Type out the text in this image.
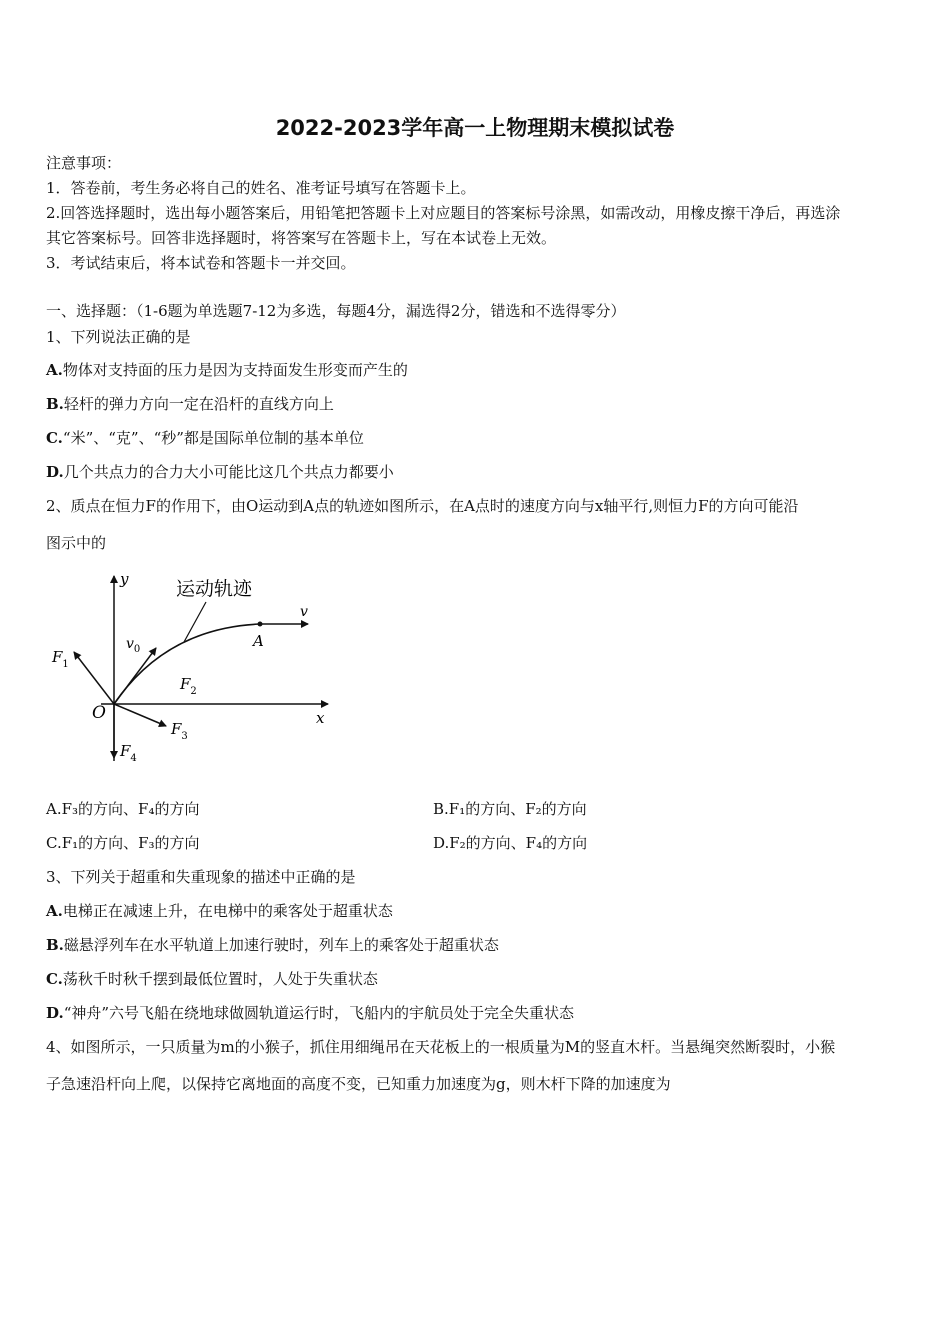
2022-2023学年高一上物理期末模拟试卷
注意事项：
1．答卷前，考生务必将自己的姓名、准考证号填写在答题卡上。
2.回答选择题时，选出每小题答案后，用铅笔把答题卡上对应题目的答案标号涂黑，如需改动，用橡皮擦干净后，再选涂
其它答案标号。回答非选择题时，将答案写在答题卡上，写在本试卷上无效。
3．考试结束后，将本试卷和答题卡一并交回。
一、选择题：（1-6题为单选题7-12为多选，每题4分，漏选得2分，错选和不选得零分）
1、下列说法正确的是
A.物体对支持面的压力是因为支持面发生形变而产生的
B.轻杆的弹力方向一定在沿杆的直线方向上
C.“米”、“克”、“秒”都是国际单位制的基本单位
D.几个共点力的合力大小可能比这几个共点力都要小
2、质点在恒力F的作用下，由O运动到A点的轨迹如图所示，在A点时的速度方向与x轴平行,则恒力F的方向可能沿
图示中的
y
x
O
A
v
运动轨迹
$v_0$
$F_1$
$F_2$
$F_3$
$F_4$
A.F₃的方向、F₄的方向	B.F₁的方向、F₂的方向
C.F₁的方向、F₃的方向	D.F₂的方向、F₄的方向
3、下列关于超重和失重现象的描述中正确的是
A.电梯正在减速上升，在电梯中的乘客处于超重状态
B.磁悬浮列车在水平轨道上加速行驶时，列车上的乘客处于超重状态
C.荡秋千时秋千摆到最低位置时，人处于失重状态
D.“神舟”六号飞船在绕地球做圆轨道运行时，飞船内的宇航员处于完全失重状态
4、如图所示，一只质量为m的小猴子，抓住用细绳吊在天花板上的一根质量为M的竖直木杆。当悬绳突然断裂时，小猴
子急速沿杆向上爬，以保持它离地面的高度不变，已知重力加速度为g，则木杆下降的加速度为
